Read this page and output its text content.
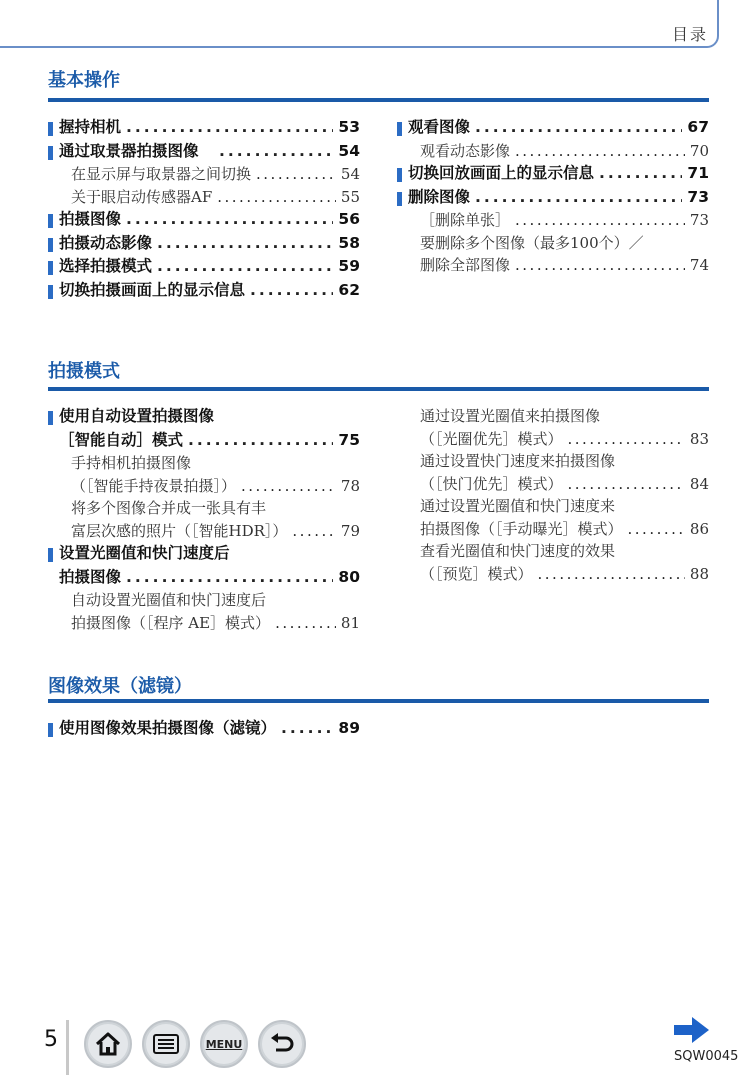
目录
基本操作
握持相机 .....	53
通过取景器拍摄图像　 .....	54
在显示屏与取景器之间切换 .....	54
关于眼启动传感器AF .....	55
拍摄图像 .....	56
拍摄动态影像 .....	58
选择拍摄模式 .....	59
切换拍摄画面上的显示信息 .....	62
观看图像 .....	67
观看动态影像 .....	70
切换回放画面上的显示信息 .....	71
删除图像 .....	73
［删除单张］ .....	73
要删除多个图像（最多100个）／
删除全部图像 .....	74
拍摄模式
使用自动设置拍摄图像
［智能自动］模式 .....	75
手持相机拍摄图像
（［智能手持夜景拍摄］） .....	78
将多个图像合并成一张具有丰
富层次感的照片（［智能HDR］） .....	79
设置光圈值和快门速度后
拍摄图像 .....	80
自动设置光圈值和快门速度后
拍摄图像（［程序 AE］模式） .....	81
通过设置光圈值来拍摄图像
（［光圈优先］模式） .....	83
通过设置快门速度来拍摄图像
（［快门优先］模式） .....	84
通过设置光圈值和快门速度来
拍摄图像（［手动曝光］模式） .....	86
查看光圈值和快门速度的效果
（［预览］模式） .....	88
图像效果（滤镜）
使用图像效果拍摄图像（滤镜） .....	89
5	MENU
SQW0045
